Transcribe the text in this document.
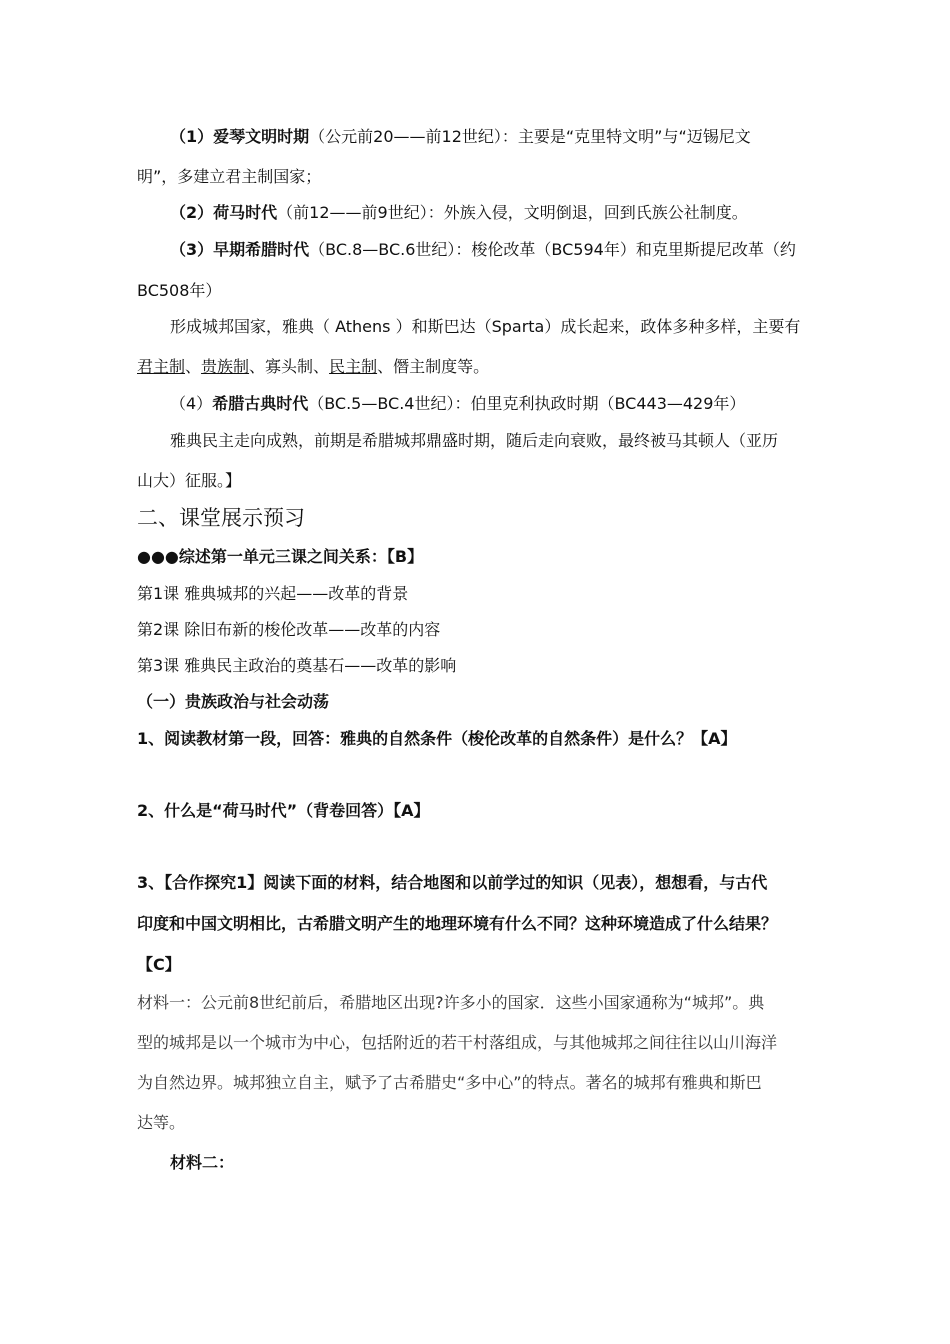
（1）爱琴文明时期（公元前20——前12世纪）：主要是“克里特文明”与“迈锡尼文
明”，多建立君主制国家；
（2）荷马时代（前12——前9世纪）：外族入侵，文明倒退，回到氏族公社制度。
（3）早期希腊时代（BC.8—BC.6世纪）：梭伦改革（BC594年）和克里斯提尼改革（约
BC508年）
形成城邦国家，雅典（ Athens ）和斯巴达（Sparta）成长起来，政体多种多样，主要有
君主制、贵族制、寡头制、民主制、僭主制度等。
（4）希腊古典时代（BC.5—BC.4世纪）：伯里克利执政时期（BC443—429年）
雅典民主走向成熟，前期是希腊城邦鼎盛时期，随后走向衰败，最终被马其顿人（亚历
山大）征服。】
二、课堂展示预习
●●●综述第一单元三课之间关系：【B】
第1课 雅典城邦的兴起——改革的背景
第2课 除旧布新的梭伦改革——改革的内容
第3课 雅典民主政治的奠基石——改革的影响
（一）贵族政治与社会动荡
1、阅读教材第一段，回答：雅典的自然条件（梭伦改革的自然条件）是什么？【A】
2、什么是“荷马时代”（背卷回答）【A】
3、【合作探究1】阅读下面的材料，结合地图和以前学过的知识（见表），想想看，与古代
印度和中国文明相比，古希腊文明产生的地理环境有什么不同？这种环境造成了什么结果？
【C】
材料一：公元前8世纪前后，希腊地区出现?许多小的国家．这些小国家通称为“城邦”。典
型的城邦是以一个城市为中心，包括附近的若干村落组成，与其他城邦之间往往以山川海洋
为自然边界。城邦独立自主，赋予了古希腊史“多中心”的特点。著名的城邦有雅典和斯巴
达等。
材料二：
